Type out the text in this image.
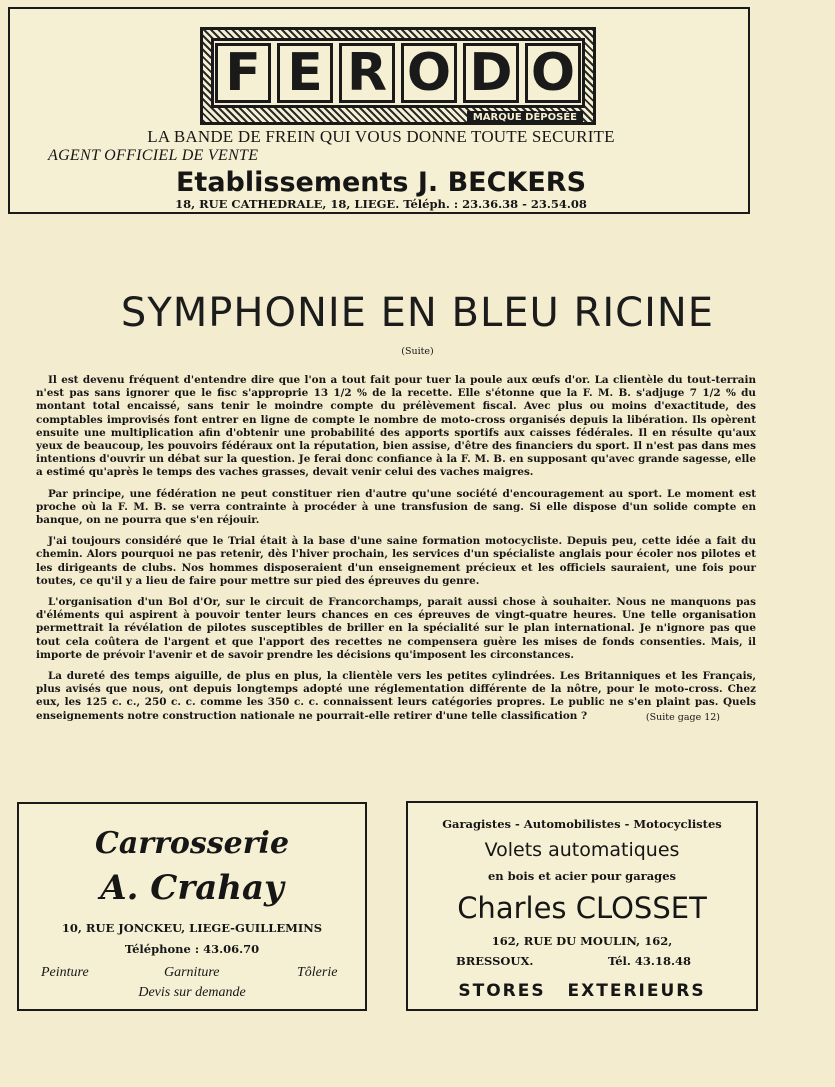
F E R O D O
MARQUE DÉPOSÉE
LA BANDE DE FREIN QUI VOUS DONNE TOUTE SECURITE
AGENT OFFICIEL DE VENTE
Etablissements J. BECKERS
18, RUE CATHEDRALE, 18, LIEGE. Téléph. : 23.36.38 - 23.54.08
SYMPHONIE EN BLEU RICINE
(Suite)

Il est devenu fréquent d'entendre dire que l'on a tout fait pour tuer la poule aux œufs d'or. La clientèle du tout-terrain n'est pas sans ignorer que le fisc s'approprie 13 1/2 % de la recette. Elle s'étonne que la F. M. B. s'adjuge 7 1/2 % du montant total encaissé, sans tenir le moindre compte du prélèvement fiscal. Avec plus ou moins d'exactitude, des comptables improvisés font entrer en ligne de compte le nombre de moto-cross organisés depuis la libération. Ils opèrent ensuite une multiplication afin d'obtenir une probabilité des apports sportifs aux caisses fédérales. Il en résulte qu'aux yeux de beaucoup, les pouvoirs fédéraux ont la réputation, bien assise, d'être des financiers du sport. Il n'est pas dans mes intentions d'ouvrir un débat sur la question. Je ferai donc confiance à la F. M. B. en supposant qu'avec grande sagesse, elle a estimé qu'après le temps des vaches grasses, devait venir celui des vaches maigres.

Par principe, une fédération ne peut constituer rien d'autre qu'une société d'encouragement au sport. Le moment est proche où la F. M. B. se verra contrainte à procéder à une transfusion de sang. Si elle dispose d'un solide compte en banque, on ne pourra que s'en réjouir.

J'ai toujours considéré que le Trial était à la base d'une saine formation motocycliste. Depuis peu, cette idée a fait du chemin. Alors pourquoi ne pas retenir, dès l'hiver prochain, les services d'un spécialiste anglais pour écoler nos pilotes et les dirigeants de clubs. Nos hommes disposeraient d'un enseignement précieux et les officiels sauraient, une fois pour toutes, ce qu'il y a lieu de faire pour mettre sur pied des épreuves du genre.

L'organisation d'un Bol d'Or, sur le circuit de Francorchamps, parait aussi chose à souhaiter. Nous ne manquons pas d'éléments qui aspirent à pouvoir tenter leurs chances en ces épreuves de vingt-quatre heures. Une telle organisation permettrait la révélation de pilotes susceptibles de briller en la spécialité sur le plan international. Je n'ignore pas que tout cela coûtera de l'argent et que l'apport des recettes ne compensera guère les mises de fonds consenties. Mais, il importe de prévoir l'avenir et de savoir prendre les décisions qu'imposent les circonstances.

La dureté des temps aiguille, de plus en plus, la clientèle vers les petites cylindrées. Les Britanniques et les Français, plus avisés que nous, ont depuis longtemps adopté une réglementation différente de la nôtre, pour le moto-cross. Chez eux, les 125 c. c., 250 c. c. comme les 350 c. c. connaissent leurs catégories propres. Le public ne s'en plaint pas. Quels enseignements notre construction nationale ne pourrait-elle retirer d'une telle classification ?	(Suite gage 12)
Carrosserie
A. Crahay
10, RUE JONCKEU, LIEGE-GUILLEMINS
Téléphone : 43.06.70
Peinture	Garniture	Tôlerie
Devis sur demande
Garagistes - Automobilistes - Motocyclistes
Volets automatiques
en bois et acier pour garages
Charles CLOSSET
162, RUE DU MOULIN, 162,
BRESSOUX.	Tél. 43.18.48
STORES EXTERIEURS
